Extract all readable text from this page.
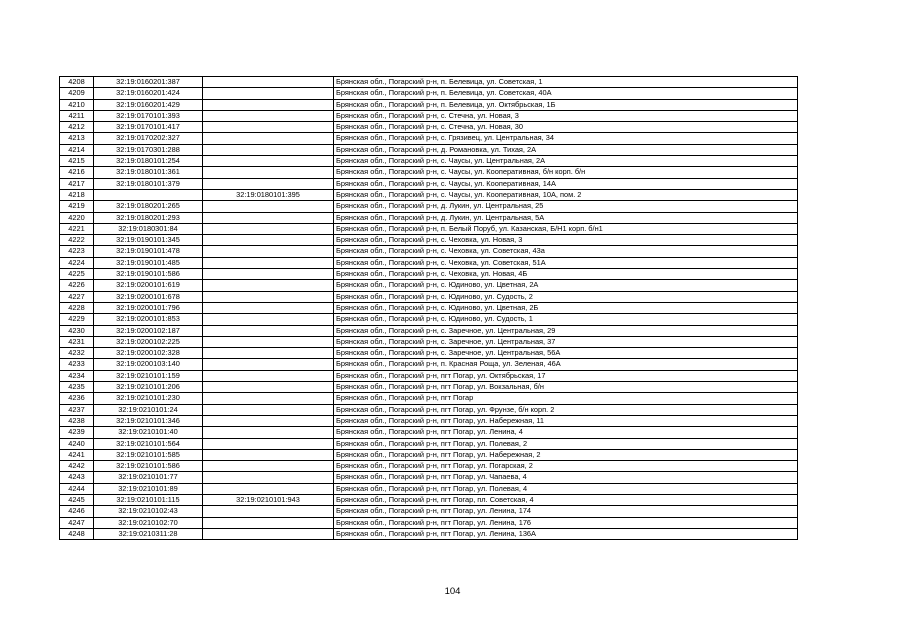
4208	32:19:0160201:387		Брянская обл., Погарский р-н, п. Белевица, ул. Советская, 1
4209	32:19:0160201:424		Брянская обл., Погарский р-н, п. Белевица, ул. Советская, 40А
4210	32:19:0160201:429		Брянская обл., Погарский р-н, п. Белевица, ул. Октябрьская, 1Б
4211	32:19:0170101:393		Брянская обл., Погарский р-н, с. Стечна, ул. Новая, 3
4212	32:19:0170101:417		Брянская обл., Погарский р-н, с. Стечна, ул. Новая, 30
4213	32:19:0170202:327		Брянская обл., Погарский р-н, с. Грязивец, ул. Центральная, 34
4214	32:19:0170301:288		Брянская обл., Погарский р-н, д. Романовка, ул. Тихая, 2А
4215	32:19:0180101:254		Брянская обл., Погарский р-н, с. Чаусы, ул. Центральная, 2А
4216	32:19:0180101:361		Брянская обл., Погарский р-н, с. Чаусы, ул. Кооперативная, б/н корп. б/н
4217	32:19:0180101:379		Брянская обл., Погарский р-н, с. Чаусы, ул. Кооперативная, 14А
4218		32:19:0180101:395	Брянская обл., Погарский р-н, с. Чаусы, ул. Кооперативная, 10А, пом. 2
4219	32:19:0180201:265		Брянская обл., Погарский р-н, д. Лукин, ул. Центральная, 25
4220	32:19:0180201:293		Брянская обл., Погарский р-н, д. Лукин, ул. Центральная, 5А
4221	32:19:0180301:84		Брянская обл., Погарский р-н, п. Белый Поруб, ул. Казанская, Б/Н1 корп. б/н1
4222	32:19:0190101:345		Брянская обл., Погарский р-н, с. Чеховка, ул. Новая, 3
4223	32:19:0190101:478		Брянская обл., Погарский р-н, с. Чеховка, ул. Советская, 43а
4224	32:19:0190101:485		Брянская обл., Погарский р-н, с. Чеховка, ул. Советская, 51А
4225	32:19:0190101:586		Брянская обл., Погарский р-н, с. Чеховка, ул. Новая, 4Б
4226	32:19:0200101:619		Брянская обл., Погарский р-н, с. Юдиново, ул. Цветная, 2А
4227	32:19:0200101:678		Брянская обл., Погарский р-н, с. Юдиново, ул. Судость, 2
4228	32:19:0200101:796		Брянская обл., Погарский р-н, с. Юдиново, ул. Цветная, 2Б
4229	32:19:0200101:853		Брянская обл., Погарский р-н, с. Юдиново, ул. Судость, 1
4230	32:19:0200102:187		Брянская обл., Погарский р-н, с. Заречное, ул. Центральная, 29
4231	32:19:0200102:225		Брянская обл., Погарский р-н, с. Заречное, ул. Центральная, 37
4232	32:19:0200102:328		Брянская обл., Погарский р-н, с. Заречное, ул. Центральная, 56А
4233	32:19:0200103:140		Брянская обл., Погарский р-н, п. Красная Роща, ул. Зеленая, 46А
4234	32:19:0210101:159		Брянская обл., Погарский р-н, пгт Погар, ул. Октябрьская, 17
4235	32:19:0210101:206		Брянская обл., Погарский р-н, пгт Погар, ул. Вокзальная, б/н
4236	32:19:0210101:230		Брянская обл., Погарский р-н, пгт Погар
4237	32:19:0210101:24		Брянская обл., Погарский р-н, пгт Погар, ул. Фрунзе, б/н корп. 2
4238	32:19:0210101:346		Брянская обл., Погарский р-н, пгт Погар, ул. Набережная, 11
4239	32:19:0210101:40		Брянская обл., Погарский р-н, пгт Погар, ул. Ленина, 4
4240	32:19:0210101:564		Брянская обл., Погарский р-н, пгт Погар, ул. Полевая, 2
4241	32:19:0210101:585		Брянская обл., Погарский р-н, пгт Погар, ул. Набережная, 2
4242	32:19:0210101:586		Брянская обл., Погарский р-н, пгт Погар, ул. Погарская, 2
4243	32:19:0210101:77		Брянская обл., Погарский р-н, пгт Погар, ул. Чапаева, 4
4244	32:19:0210101:89		Брянская обл., Погарский р-н, пгт Погар, ул. Полевая, 4
4245	32:19:0210101:115	32:19:0210101:943	Брянская обл., Погарский р-н, пгт Погар, пл. Советская, 4
4246	32:19:0210102:43		Брянская обл., Погарский р-н, пгт Погар, ул. Ленина, 174
4247	32:19:0210102:70		Брянская обл., Погарский р-н, пгт Погар, ул. Ленина, 176
4248	32:19:0210311:28		Брянская обл., Погарский р-н, пгт Погар, ул. Ленина, 136А
104
